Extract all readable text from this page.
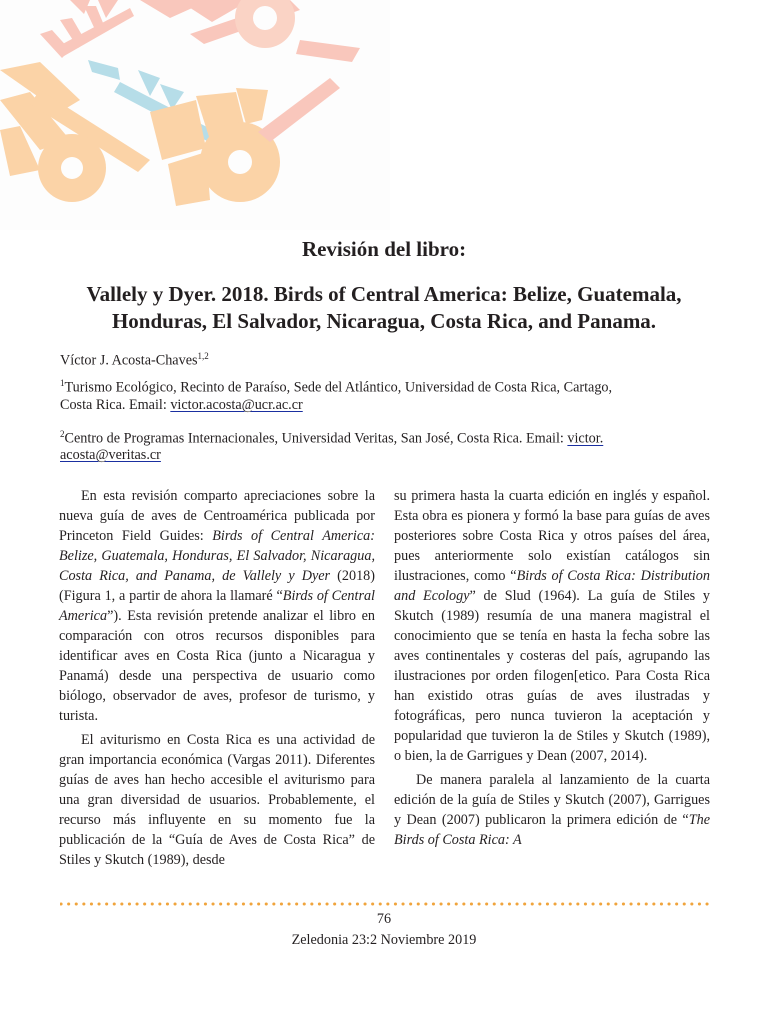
Revisión del libro:
Vallely y Dyer. 2018. Birds of Central America: Belize, Guatemala,
Honduras, El Salvador, Nicaragua, Costa Rica, and Panama.

Víctor J. Acosta-Chaves$^{1,2}$

$^1$Turismo Ecológico, Recinto de Paraíso, Sede del Atlántico, Universidad de Costa Rica, Cartago,

Costa Rica. Email: victor.acosta@ucr.ac.cr

$^2$Centro de Programas Internacionales, Universidad Veritas, San José, Costa Rica. Email: victor.

acosta@veritas.cr

En esta revisión comparto apreciaciones sobre la nueva guía de aves de Centroamérica publicada por Princeton Field Guides: Birds of Central America: Belize, Guatemala, Honduras, El Salvador, Nicaragua, Costa Rica, and Panama, de Vallely y Dyer (2018) (Figura 1, a partir de ahora la llamaré “Birds of Central America”). Esta revisión pretende analizar el libro en comparación con otros recursos disponibles para identificar aves en Costa Rica (junto a Nicaragua y Panamá) desde una perspectiva de usuario como biólogo, observador de aves, profesor de turismo, y turista.

El aviturismo en Costa Rica es una actividad de gran importancia económica (Vargas 2011). Diferentes guías de aves han hecho accesible el aviturismo para una gran diversidad de usuarios. Probablemente, el recurso más influyente en su momento fue la publicación de la “Guía de Aves de Costa Rica” de Stiles y Skutch (1989), desde

su primera hasta la cuarta edición en inglés y español. Esta obra es pionera y formó la base para guías de aves posteriores sobre Costa Rica y otros países del área, pues anteriormente solo existían catálogos sin ilustraciones, como “Birds of Costa Rica: Distribution and Ecology” de Slud (1964). La guía de Stiles y Skutch (1989) resumía de una manera magistral el conocimiento que se tenía en hasta la fecha sobre las aves continentales y costeras del país, agrupando las ilustraciones por orden filogen[etico. Para Costa Rica han existido otras guías de aves ilustradas y fotográficas, pero nunca tuvieron la aceptación y popularidad que tuvieron la de Stiles y Skutch (1989), o bien, la de Garrigues y Dean (2007, 2014).

De manera paralela al lanzamiento de la cuarta edición de la guía de Stiles y Skutch (2007), Garrigues y Dean (2007) publicaron la primera edición de “The Birds of Costa Rica: A

76
Zeledonia 23:2 Noviembre 2019
